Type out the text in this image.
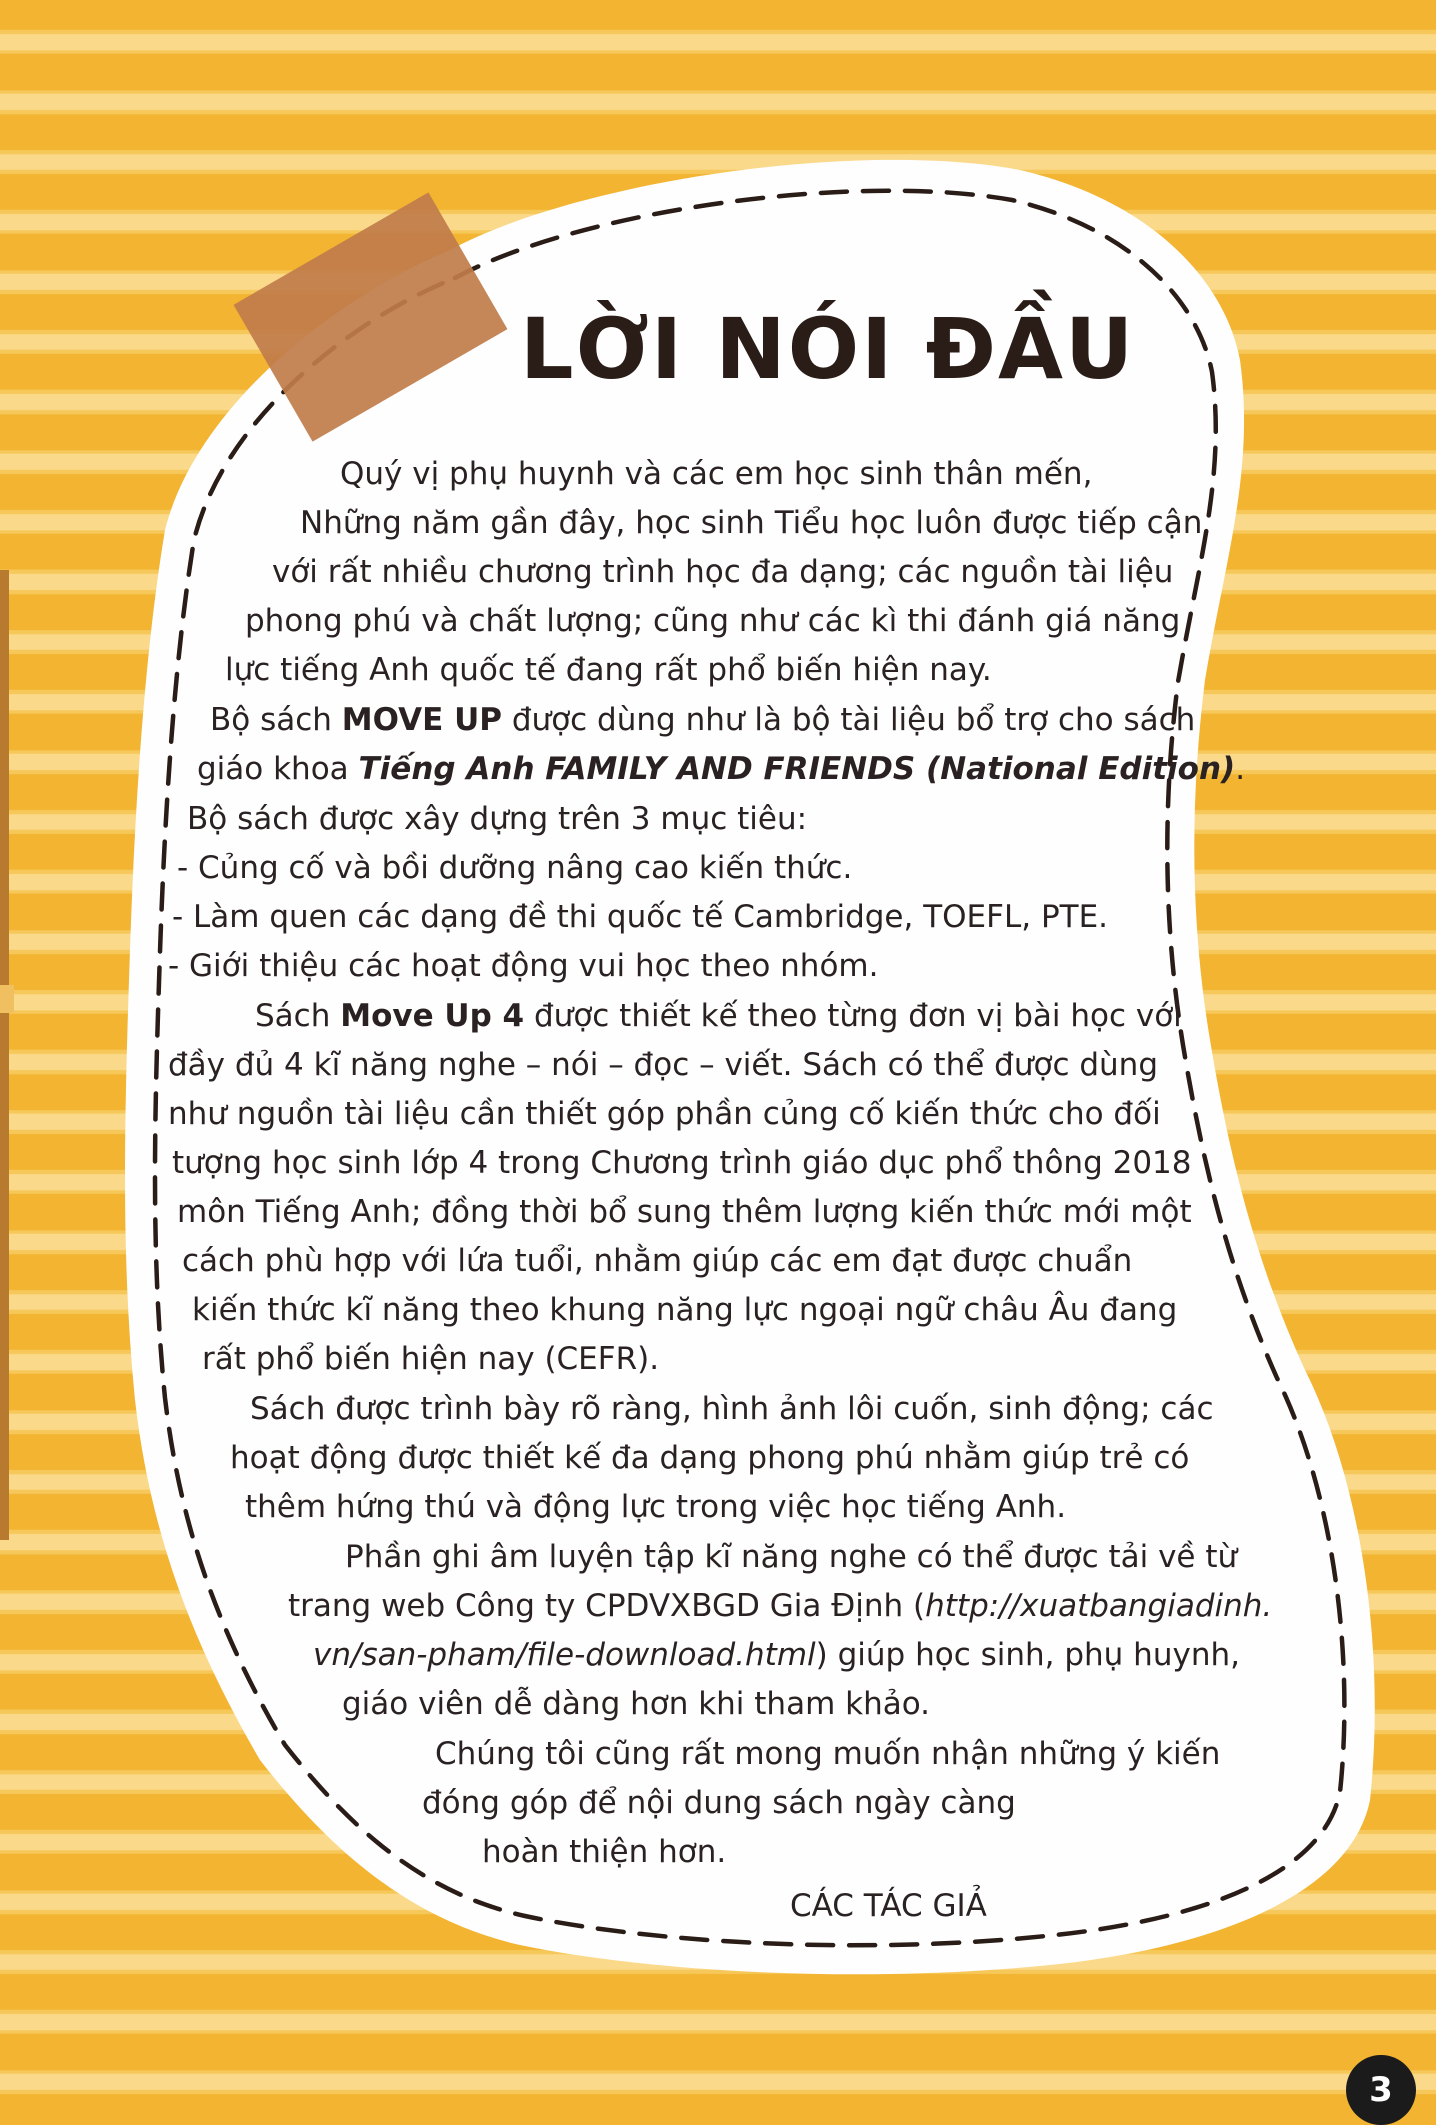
LỜI NÓI ĐẦU
Quý vị phụ huynh và các em học sinh thân mến,
Những năm gần đây, học sinh Tiểu học luôn được tiếp cận
với rất nhiều chương trình học đa dạng; các nguồn tài liệu
phong phú và chất lượng; cũng như các kì thi đánh giá năng
lực tiếng Anh quốc tế đang rất phổ biến hiện nay.
Bộ sách MOVE UP được dùng như là bộ tài liệu bổ trợ cho sách
giáo khoa Tiếng Anh FAMILY AND FRIENDS (National Edition).
Bộ sách được xây dựng trên 3 mục tiêu:
- Củng cố và bồi dưỡng nâng cao kiến thức.
- Làm quen các dạng đề thi quốc tế Cambridge, TOEFL, PTE.
- Giới thiệu các hoạt động vui học theo nhóm.
Sách Move Up 4 được thiết kế theo từng đơn vị bài học với
đầy đủ 4 kĩ năng nghe – nói – đọc – viết. Sách có thể được dùng
như nguồn tài liệu cần thiết góp phần củng cố kiến thức cho đối
tượng học sinh lớp 4 trong Chương trình giáo dục phổ thông 2018
môn Tiếng Anh; đồng thời bổ sung thêm lượng kiến thức mới một
cách phù hợp với lứa tuổi, nhằm giúp các em đạt được chuẩn
kiến thức kĩ năng theo khung năng lực ngoại ngữ châu Âu đang
rất phổ biến hiện nay (CEFR).
Sách được trình bày rõ ràng, hình ảnh lôi cuốn, sinh động; các
hoạt động được thiết kế đa dạng phong phú nhằm giúp trẻ có
thêm hứng thú và động lực trong việc học tiếng Anh.
Phần ghi âm luyện tập kĩ năng nghe có thể được tải về từ
trang web Công ty CPDVXBGD Gia Định (http://xuatbangiadinh.
vn/san-pham/file-download.html) giúp học sinh, phụ huynh,
giáo viên dễ dàng hơn khi tham khảo.
Chúng tôi cũng rất mong muốn nhận những ý kiến
đóng góp để nội dung sách ngày càng
hoàn thiện hơn.
CÁC TÁC GIẢ
3
